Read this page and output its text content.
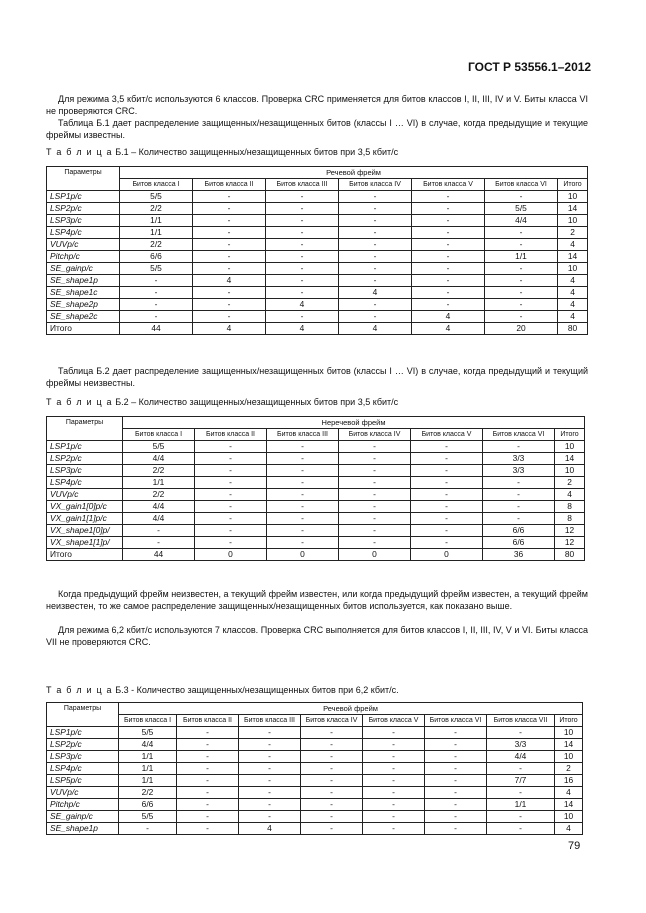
ГОСТ Р 53556.1–2012

Для режима 3,5 кбит/с используются 6 классов. Проверка CRC применяется для битов классов I, II, III, IV и V. Биты класса VI не проверяются CRC.

Таблица Б.1 дает распределение защищенных/незащищенных битов (классы I … VI) в случае, когда предыдущие и текущие фреймы известны.

Т а б л и ц а Б.1 – Количество защищенных/незащищенных битов при 3,5 кбит/с
Параметры	Речевой фрейм						
	Битов класса I	Битов класса II	Битов класса III	Битов класса IV	Битов класса V	Битов класса VI	Итого
LSP1p/c	5/5	-	-	-	-	-	10
LSP2p/c	2/2	-	-	-	-	5/5	14
LSP3p/c	1/1	-	-	-	-	4/4	10
LSP4p/c	1/1	-	-	-	-	-	2
VUVp/c	2/2	-	-	-	-	-	4
Pitchp/c	6/6	-	-	-	-	1/1	14
SE_gainp/c	5/5	-	-	-	-	-	10
SE_shape1p	-	4	-	-	-	-	4
SE_shape1c	-	-	-	4	-	-	4
SE_shape2p	-	-	4	-	-	-	4
SE_shape2c	-	-	-	-	4	-	4
Итого	44	4	4	4	4	20	80

Таблица Б.2 дает распределение защищенных/незащищенных битов (классы I … VI) в случае, когда предыдущий и текущий фреймы неизвестны.

Т а б л и ц а Б.2 – Количество защищенных/незащищенных битов при 3,5 кбит/с
Параметры	Неречевой фрейм						
	Битов класса I	Битов класса II	Битов класса III	Битов класса IV	Битов класса V	Битов класса VI	Итого
LSP1p/c	5/5	-	-	-	-	-	10
LSP2p/c	4/4	-	-	-	-	3/3	14
LSP3p/c	2/2	-	-	-	-	3/3	10
LSP4p/c	1/1	-	-	-	-	-	2
VUVp/c	2/2	-	-	-	-	-	4
VX_gain1[0]p/c	4/4	-	-	-	-	-	8
VX_gain1[1]p/c	4/4	-	-	-	-	-	8
VX_shape1[0]p/	-	-	-	-	-	6/6	12
VX_shape1[1]p/	-	-	-	-	-	6/6	12
Итого	44	0	0	0	0	36	80

Когда предыдущий фрейм неизвестен, а текущий фрейм известен, или когда предыдущий фрейм известен, а текущий фрейм неизвестен, то же самое распределение защищенных/незащищенных битов используется, как показано выше.

Для режима 6,2 кбит/с используются 7 классов. Проверка CRC выполняется для битов классов I, II, III, IV, V и VI. Биты класса VII не проверяются CRC.

Т а б л и ц а Б.3 - Количество защищенных/незащищенных битов при 6,2 кбит/с.
Параметры	Речевой фрейм							
	Битов класса I	Битов класса II	Битов класса III	Битов класса IV	Битов класса V	Битов класса VI	Битов класса VII	Итого
LSP1p/c	5/5	-	-	-	-	-	-	10
LSP2p/c	4/4	-	-	-	-	-	3/3	14
LSP3p/c	1/1	-	-	-	-	-	4/4	10
LSP4p/c	1/1	-	-	-	-	-	-	2
LSP5p/c	1/1	-	-	-	-	-	7/7	16
VUVp/c	2/2	-	-	-	-	-	-	4
Pitchp/c	6/6	-	-	-	-	-	1/1	14
SE_gainp/c	5/5	-	-	-	-	-	-	10
SE_shape1p	-	-	4	-	-	-	-	4
79
